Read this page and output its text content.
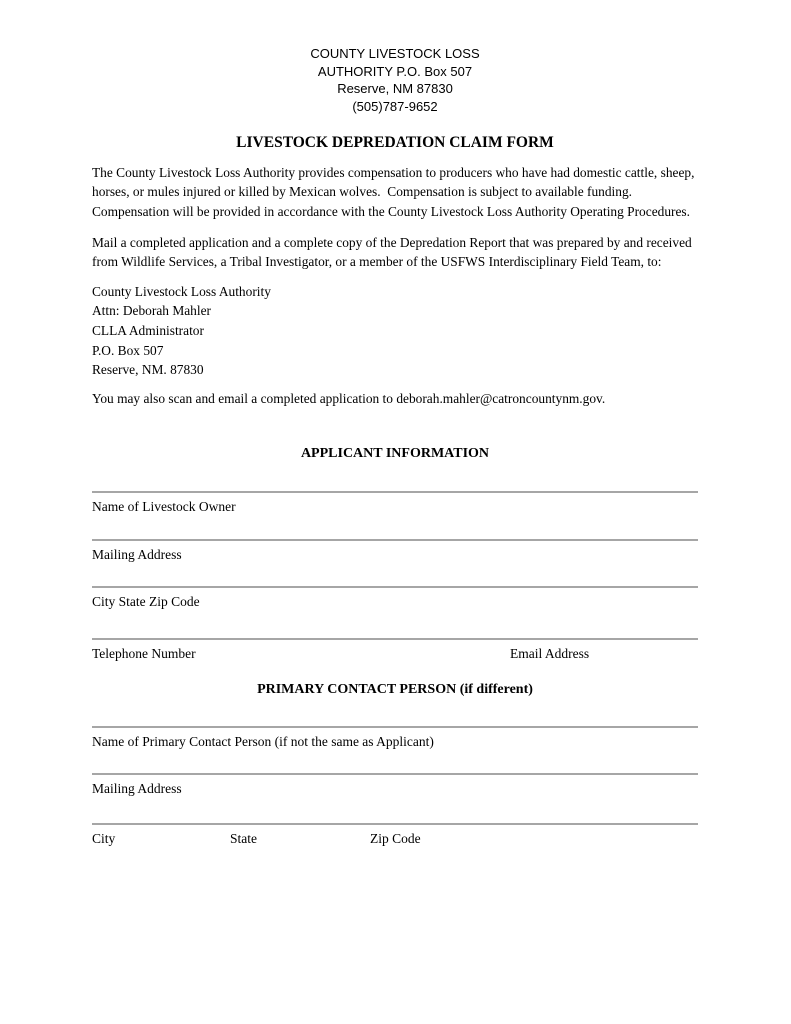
COUNTY LIVESTOCK LOSS
AUTHORITY P.O. Box 507
Reserve, NM 87830
(505)787-9652
LIVESTOCK DEPREDATION CLAIM FORM
The County Livestock Loss Authority provides compensation to producers who have had domestic cattle, sheep, horses, or mules injured or killed by Mexican wolves.  Compensation is subject to available funding.  Compensation will be provided in accordance with the County Livestock Loss Authority Operating Procedures.
Mail a completed application and a complete copy of the Depredation Report that was prepared by and received from Wildlife Services, a Tribal Investigator, or a member of the USFWS Interdisciplinary Field Team, to:
County Livestock Loss Authority
Attn: Deborah Mahler
CLLA Administrator
P.O. Box 507
Reserve, NM. 87830
You may also scan and email a completed application to deborah.mahler@catroncountynm.gov.
APPLICANT INFORMATION
Name of Livestock Owner
Mailing Address
City State Zip Code
Telephone Number	Email Address
PRIMARY CONTACT PERSON (if different)
Name of Primary Contact Person (if not the same as Applicant)
Mailing Address
City	State	Zip Code
